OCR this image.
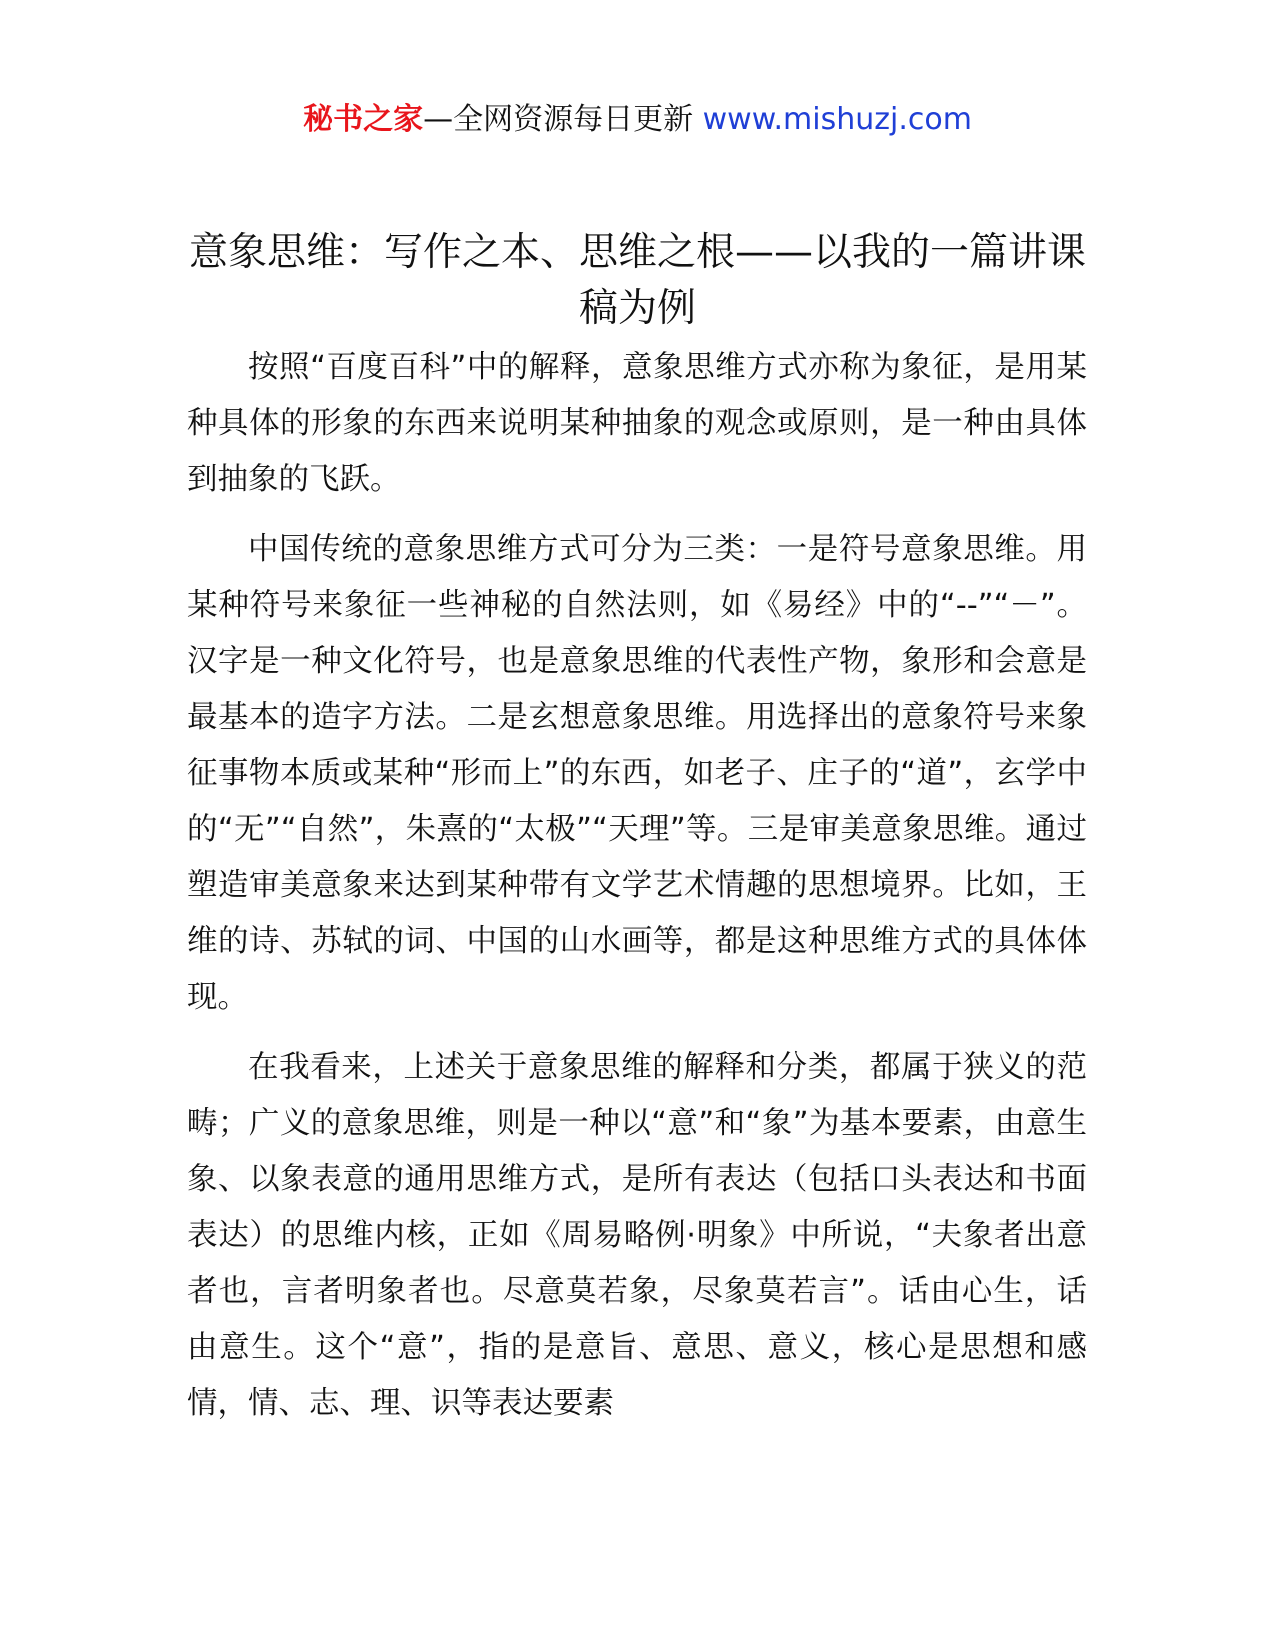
秘书之家—全网资源每日更新 www.mishuzj.com
意象思维：写作之本、思维之根——以我的一篇讲课稿为例

按照“百度百科”中的解释，意象思维方式亦称为象征，是用某种具体的形象的东西来说明某种抽象的观念或原则，是一种由具体到抽象的飞跃。

中国传统的意象思维方式可分为三类：一是符号意象思维。用某种符号来象征一些神秘的自然法则，如《易经》中的“--”“－”。汉字是一种文化符号，也是意象思维的代表性产物，象形和会意是最基本的造字方法。二是玄想意象思维。用选择出的意象符号来象征事物本质或某种“形而上”的东西，如老子、庄子的“道”，玄学中的“无”“自然”，朱熹的“太极”“天理”等。三是审美意象思维。通过塑造审美意象来达到某种带有文学艺术情趣的思想境界。比如，王维的诗、苏轼的词、中国的山水画等，都是这种思维方式的具体体现。

在我看来，上述关于意象思维的解释和分类，都属于狭义的范畴；广义的意象思维，则是一种以“意”和“象”为基本要素，由意生象、以象表意的通用思维方式，是所有表达（包括口头表达和书面表达）的思维内核，正如《周易略例·明象》中所说，“夫象者出意者也，言者明象者也。尽意莫若象，尽象莫若言”。话由心生，话由意生。这个“意”，指的是意旨、意思、意义，核心是思想和感情，情、志、理、识等表达要素
